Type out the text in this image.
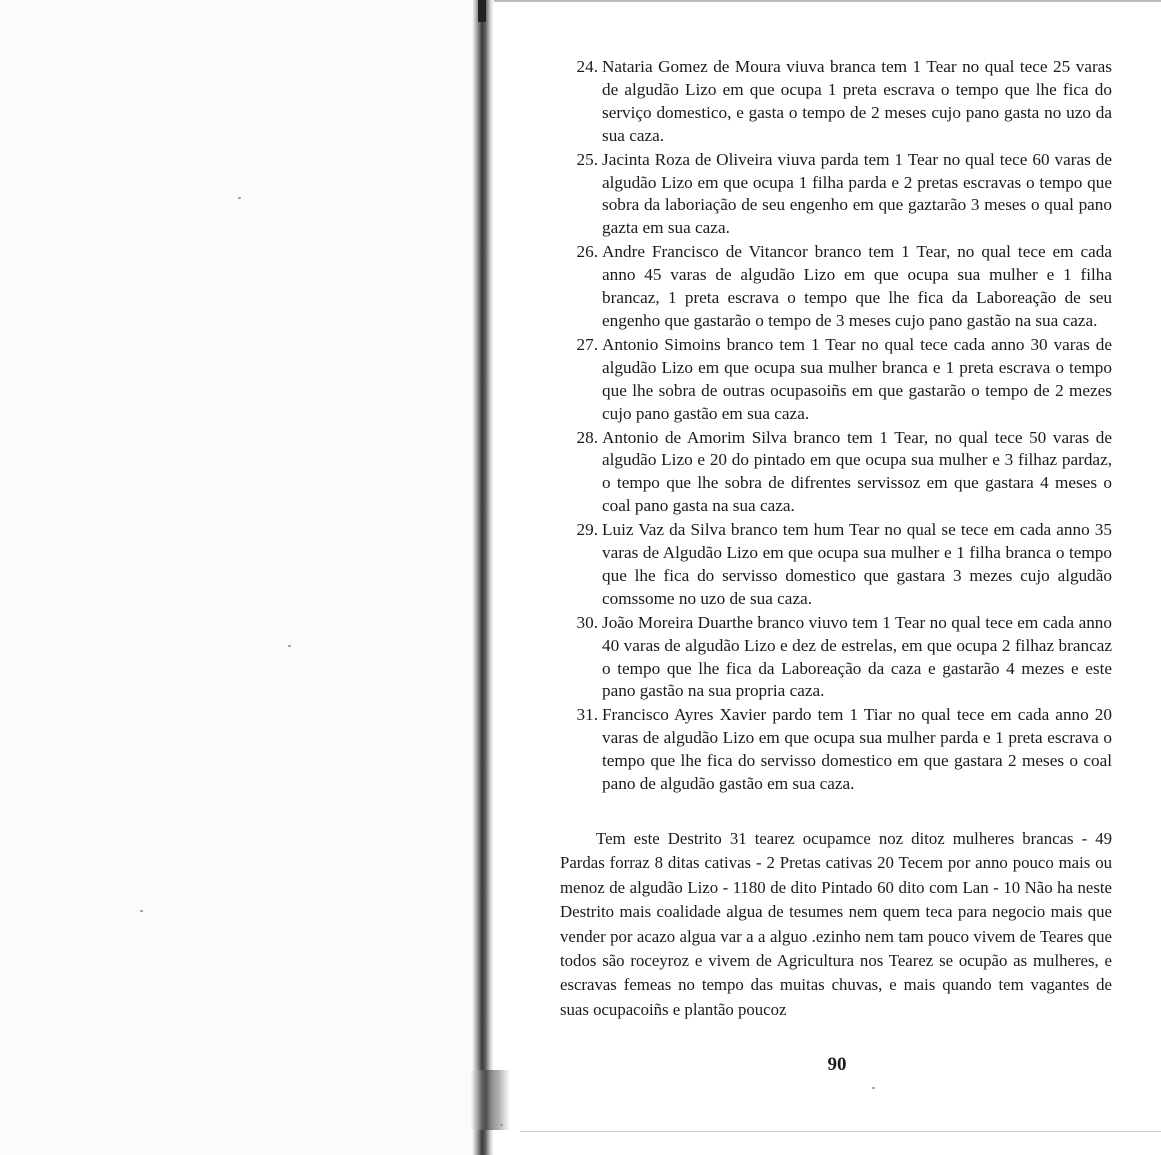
24. Nataria Gomez de Moura viuva branca tem 1 Tear no qual tece 25 varas de algudão Lizo em que ocupa 1 preta escrava o tempo que lhe fica do serviço domestico, e gasta o tempo de 2 meses cujo pano gasta no uzo da sua caza.
25. Jacinta Roza de Oliveira viuva parda tem 1 Tear no qual tece 60 varas de algudão Lizo em que ocupa 1 filha parda e 2 pretas escravas o tempo que sobra da laboriação de seu engenho em que gaztarão 3 meses o qual pano gazta em sua caza.
26. Andre Francisco de Vitancor branco tem 1 Tear, no qual tece em cada anno 45 varas de algudão Lizo em que ocupa sua mulher e 1 filha brancaz, 1 preta escrava o tempo que lhe fica da Laboreação de seu engenho que gastarão o tempo de 3 meses cujo pano gastão na sua caza.
27. Antonio Simoins branco tem 1 Tear no qual tece cada anno 30 varas de algudão Lizo em que ocupa sua mulher branca e 1 preta escrava o tempo que lhe sobra de outras ocupasoiñs em que gastarão o tempo de 2 mezes cujo pano gastão em sua caza.
28. Antonio de Amorim Silva branco tem 1 Tear, no qual tece 50 varas de algudão Lizo e 20 do pintado em que ocupa sua mulher e 3 filhaz pardaz, o tempo que lhe sobra de difrentes servissoz em que gastara 4 meses o coal pano gasta na sua caza.
29. Luiz Vaz da Silva branco tem hum Tear no qual se tece em cada anno 35 varas de Algudão Lizo em que ocupa sua mulher e 1 filha branca o tempo que lhe fica do servisso domestico que gastara 3 mezes cujo algudão comssome no uzo de sua caza.
30. João Moreira Duarthe branco viuvo tem 1 Tear no qual tece em cada anno 40 varas de algudão Lizo e dez de estrelas, em que ocupa 2 filhaz brancaz o tempo que lhe fica da Laboreação da caza e gastarão 4 mezes e este pano gastão na sua propria caza.
31. Francisco Ayres Xavier pardo tem 1 Tiar no qual tece em cada anno 20 varas de algudão Lizo em que ocupa sua mulher parda e 1 preta escrava o tempo que lhe fica do servisso domestico em que gastara 2 meses o coal pano de algudão gastão em sua caza.

Tem este Destrito 31 tearez ocupamce noz ditoz mulheres brancas - 49 Pardas forraz 8 ditas cativas - 2 Pretas cativas 20 Tecem por anno pouco mais ou menoz de algudão Lizo - 1180 de dito Pintado 60 dito com Lan - 10 Não ha neste Destrito mais coalidade algua de tesumes nem quem teca para negocio mais que vender por acazo algua var a a alguo .ezinho nem tam pouco vivem de Teares que todos são roceyroz e vivem de Agricultura nos Tearez se ocupão as mulheres, e escravas femeas no tempo das muitas chuvas, e mais quando tem vagantes de suas ocupacoiñs e plantão poucoz

90
